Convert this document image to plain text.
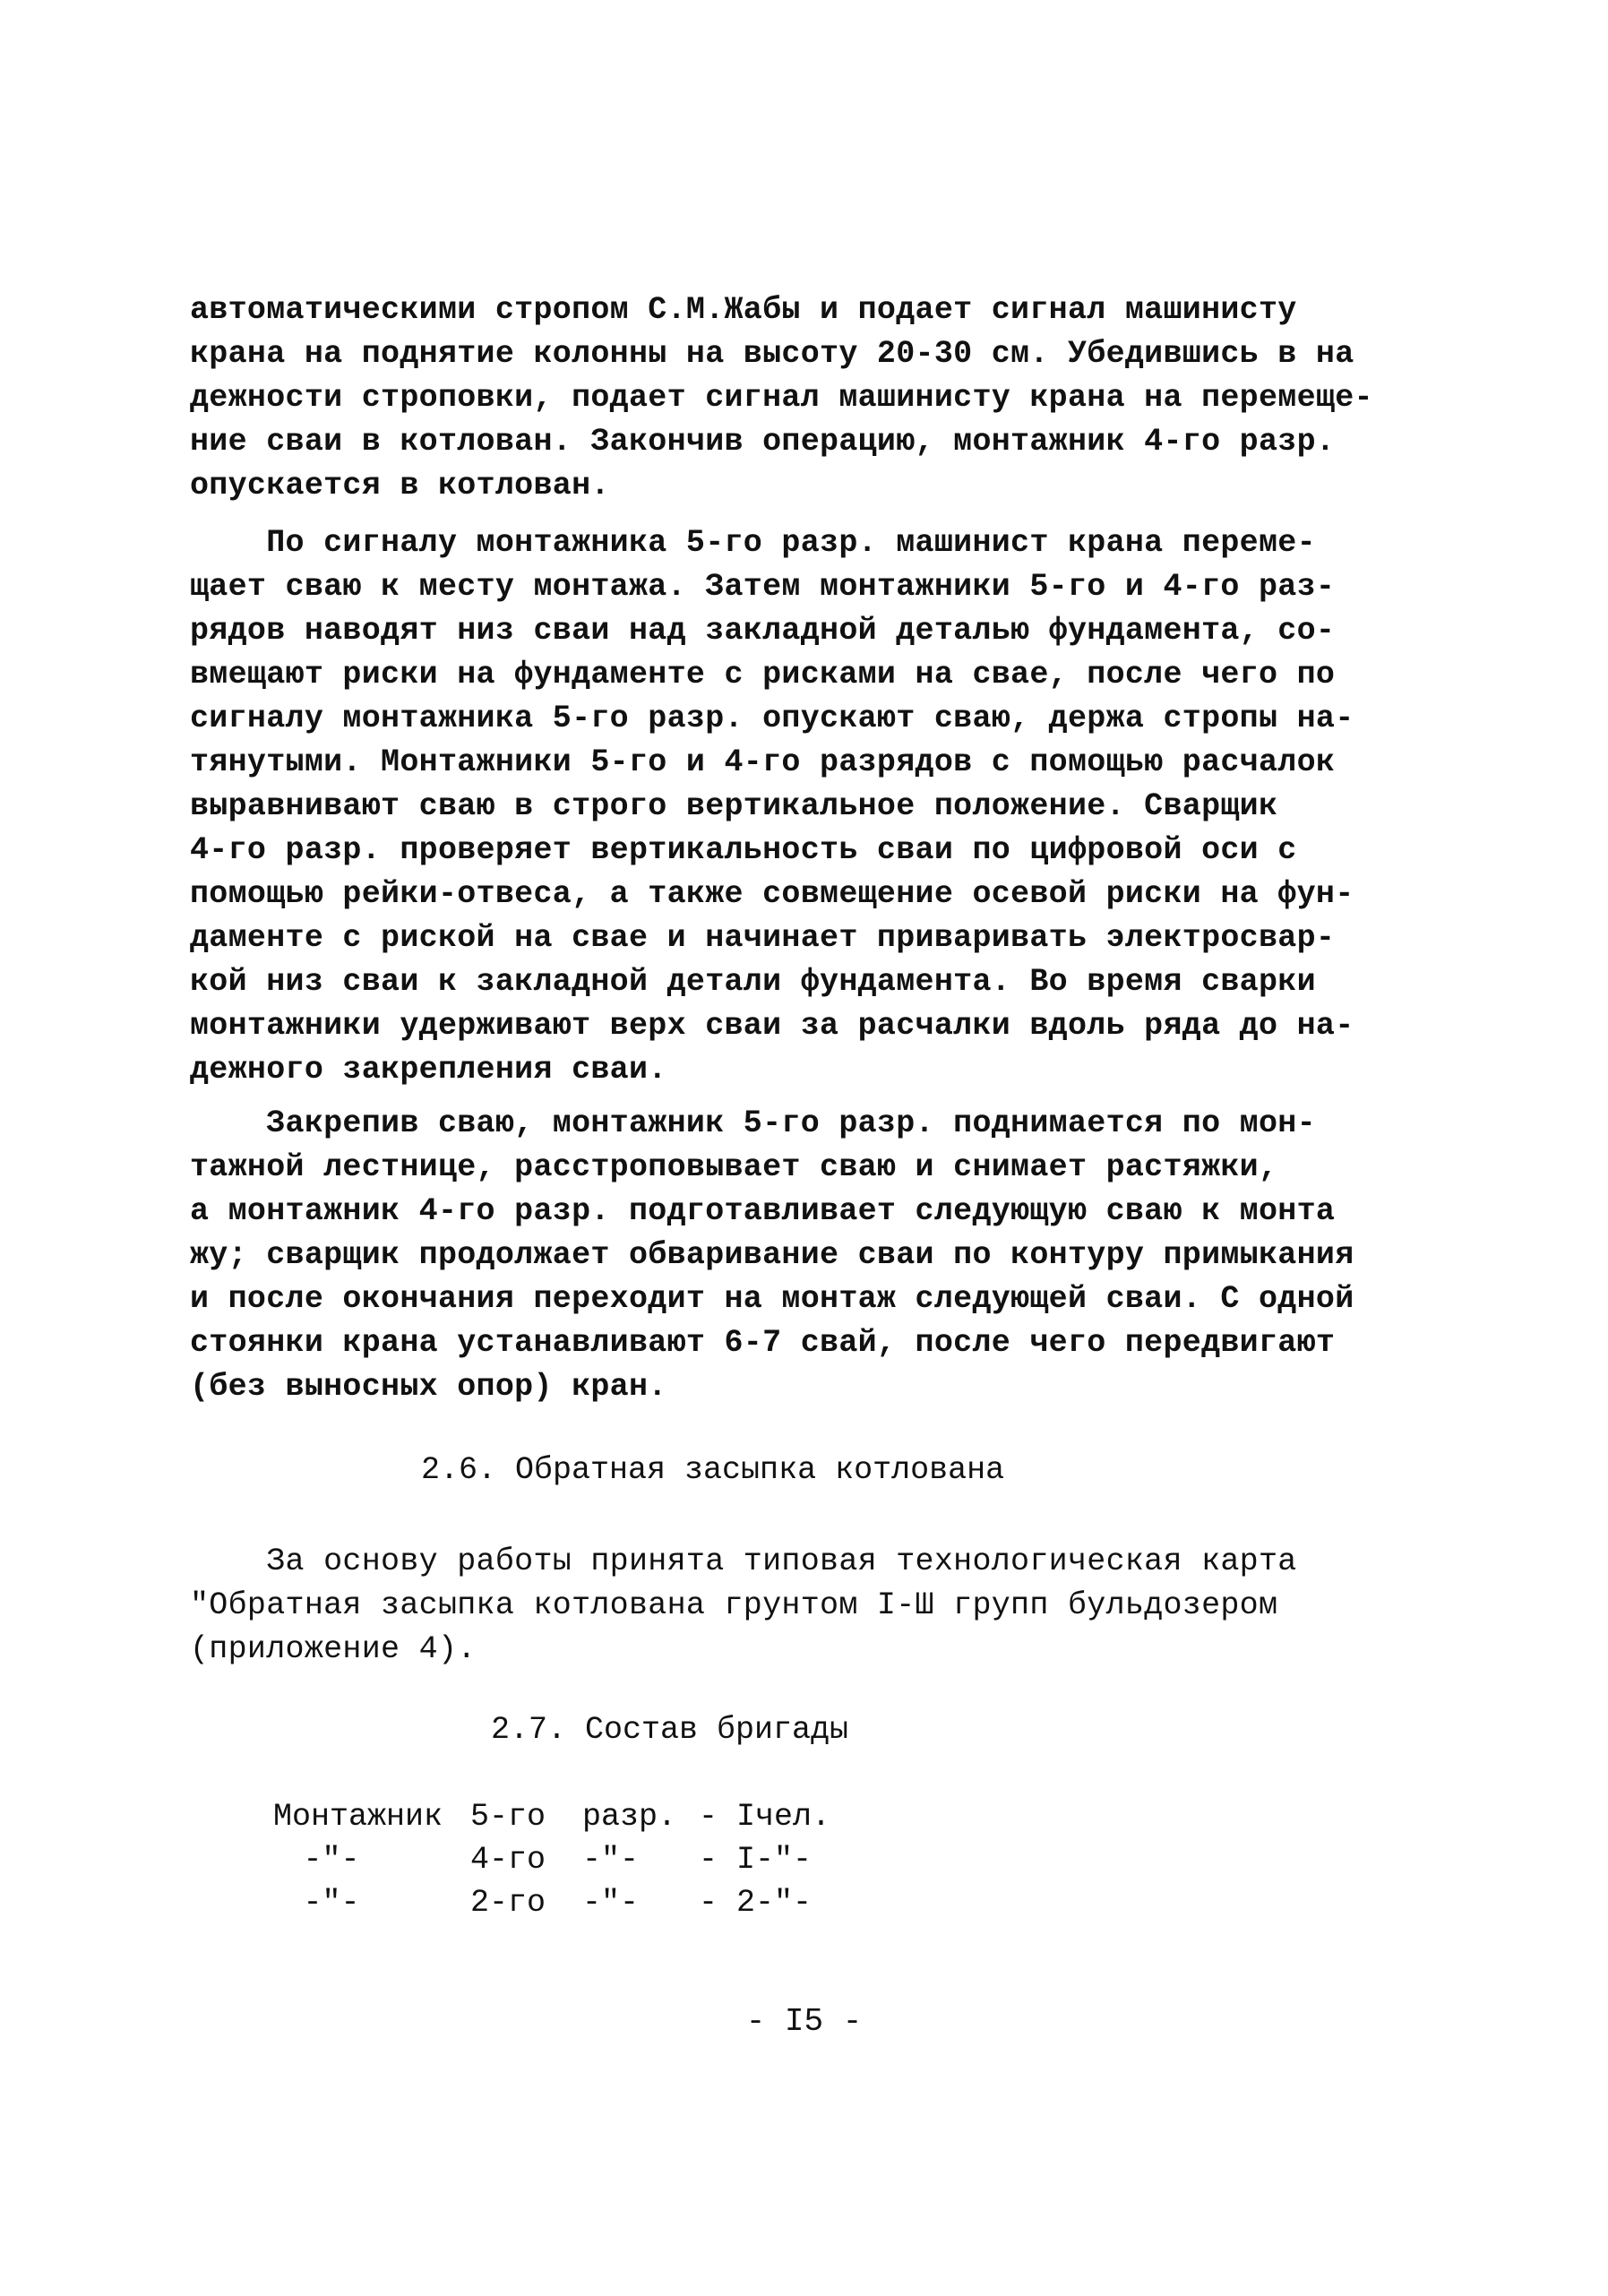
автоматическими стропом С.М.Жабы и подает сигнал машинисту
крана на поднятие колонны на высоту 20-30 см. Убедившись в на
дежности строповки, подает сигнал машинисту крана на перемеще-
ние сваи в котлован. Закончив операцию, монтажник 4-го разр.
опускается в котлован.

По сигналу монтажника 5-го разр. машинист крана переме-
щает сваю к месту монтажа. Затем монтажники 5-го и 4-го раз-
рядов наводят низ сваи над закладной деталью фундамента, со-
вмещают риски на фундаменте с рисками на свае, после чего по
сигналу монтажника 5-го разр. опускают сваю, держа стропы на-
тянутыми. Монтажники 5-го и 4-го разрядов с помощью расчалок
выравнивают сваю в строго вертикальное положение. Сварщик
4-го разр. проверяет вертикальность сваи по цифровой оси с
помощью рейки-отвеса, а также совмещение осевой риски на фун-
даменте с риской на свае и начинает приваривать электросвар-
кой низ сваи к закладной детали фундамента. Во время сварки
монтажники удерживают верх сваи за расчалки вдоль ряда до на-
дежного закрепления сваи.

Закрепив сваю, монтажник 5-го разр. поднимается по мон-
тажной лестнице, расстроповывает сваю и снимает растяжки,
а монтажник 4-го разр. подготавливает следующую сваю к монта
жу; сварщик продолжает обваривание сваи по контуру примыкания
и после окончания переходит на монтаж следующей сваи. С одной
стоянки крана устанавливают 6-7 свай, после чего передвигают
(без выносных опор) кран.

2.6. Обратная засыпка котлована

За основу работы принята типовая технологическая карта
"Обратная засыпка котлована грунтом I-Ш групп бульдозером
(приложение 4).

2.7. Состав бригады
Монтажник	5-го	разр.	- I	чел.
-"-	4-го	-"-	- I	-"-
-"-	2-го	-"-	- 2	-"-
- I5 -
